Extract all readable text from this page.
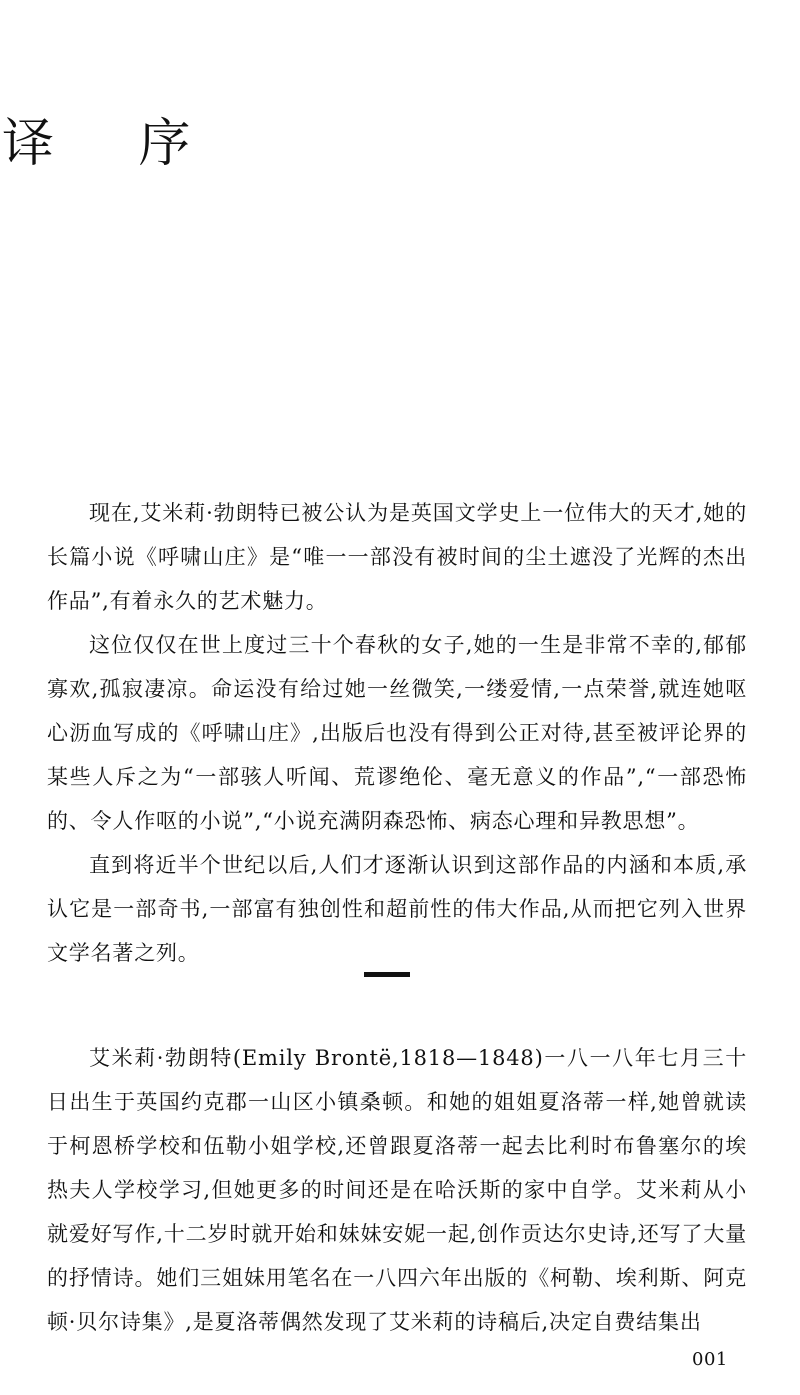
译 序

现在,艾米莉·勃朗特已被公认为是英国文学史上一位伟大的天才,她的长篇小说《呼啸山庄》是“唯一一部没有被时间的尘土遮没了光辉的杰出作品”,有着永久的艺术魅力。

这位仅仅在世上度过三十个春秋的女子,她的一生是非常不幸的,郁郁寡欢,孤寂凄凉。命运没有给过她一丝微笑,一缕爱情,一点荣誉,就连她呕心沥血写成的《呼啸山庄》,出版后也没有得到公正对待,甚至被评论界的某些人斥之为“一部骇人听闻、荒谬绝伦、毫无意义的作品”,“一部恐怖的、令人作呕的小说”,“小说充满阴森恐怖、病态心理和异教思想”。

直到将近半个世纪以后,人们才逐渐认识到这部作品的内涵和本质,承认它是一部奇书,一部富有独创性和超前性的伟大作品,从而把它列入世界文学名著之列。

艾米莉·勃朗特(Emily Brontë,1818—1848)一八一八年七月三十日出生于英国约克郡一山区小镇桑顿。和她的姐姐夏洛蒂一样,她曾就读于柯恩桥学校和伍勒小姐学校,还曾跟夏洛蒂一起去比利时布鲁塞尔的埃热夫人学校学习,但她更多的时间还是在哈沃斯的家中自学。艾米莉从小就爱好写作,十二岁时就开始和妹妹安妮一起,创作贡达尔史诗,还写了大量的抒情诗。她们三姐妹用笔名在一八四六年出版的《柯勒、埃利斯、阿克顿·贝尔诗集》,是夏洛蒂偶然发现了艾米莉的诗稿后,决定自费结集出

001
